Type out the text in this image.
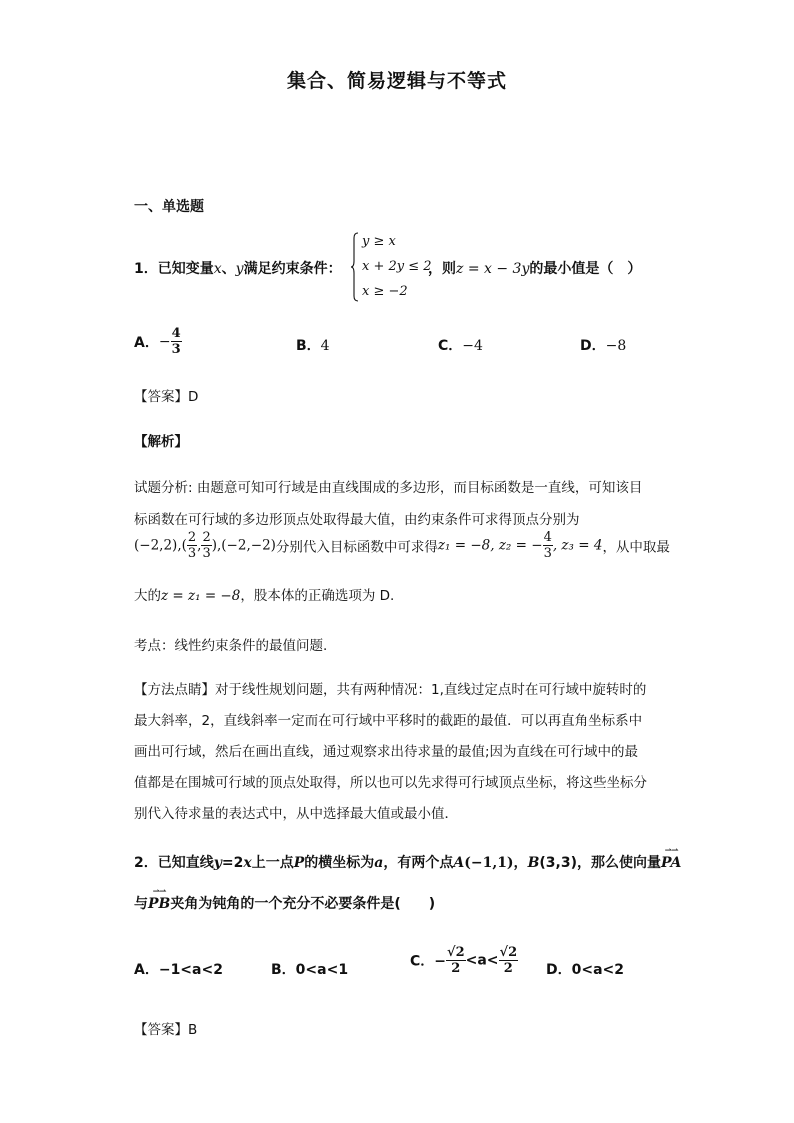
集合、简易逻辑与不等式
一、单选题
1．已知变量x、y满足约束条件：
y ≥ x
x + 2y ≤ 2
x ≥ −2
，则z = x − 3y的最小值是（　）
A．− $\frac{4}{3}$	B．4	C．−4	D．−8
【答案】D
【解析】
试题分析: 由题意可知可行域是由直线围成的多边形，而目标函数是一直线，可知该目
标函数在可行域的多边形顶点处取得最大值，由约束条件可求得顶点分别为
$(-2,2),( \frac{2}{3}$ , $\frac{2}{3} ),(-2,-2)$分别代入目标函数中可求得z₁ = −8, z₂ = − $\frac{4}{3}$ , z₃ = 4，从中取最
大的z = z₁ = −8，股本体的正确选项为 D.
考点：线性约束条件的最值问题.
【方法点睛】对于线性规划问题，共有两种情况：1,直线过定点时在可行域中旋转时的
最大斜率，2，直线斜率一定而在可行域中平移时的截距的最值．可以再直角坐标系中
画出可行域，然后在画出直线，通过观察求出待求量的最值;因为直线在可行域中的最
值都是在围城可行域的顶点处取得，所以也可以先求得可行域顶点坐标，将这些坐标分
别代入待求量的表达式中，从中选择最大值或最小值．
2．已知直线y=2x上一点P的横坐标为a，有两个点A(−1,1)，B(3,3)，那么使向量
⇀⇀
PA
与
⇀⇀
PB夹角为钝角的一个充分不必要条件是(　　)
A．−1<a<2	B．0<a<1
C．− $\frac{√2}{2} <a< \frac{√2}{2}$ D．0<a<2
【答案】B
